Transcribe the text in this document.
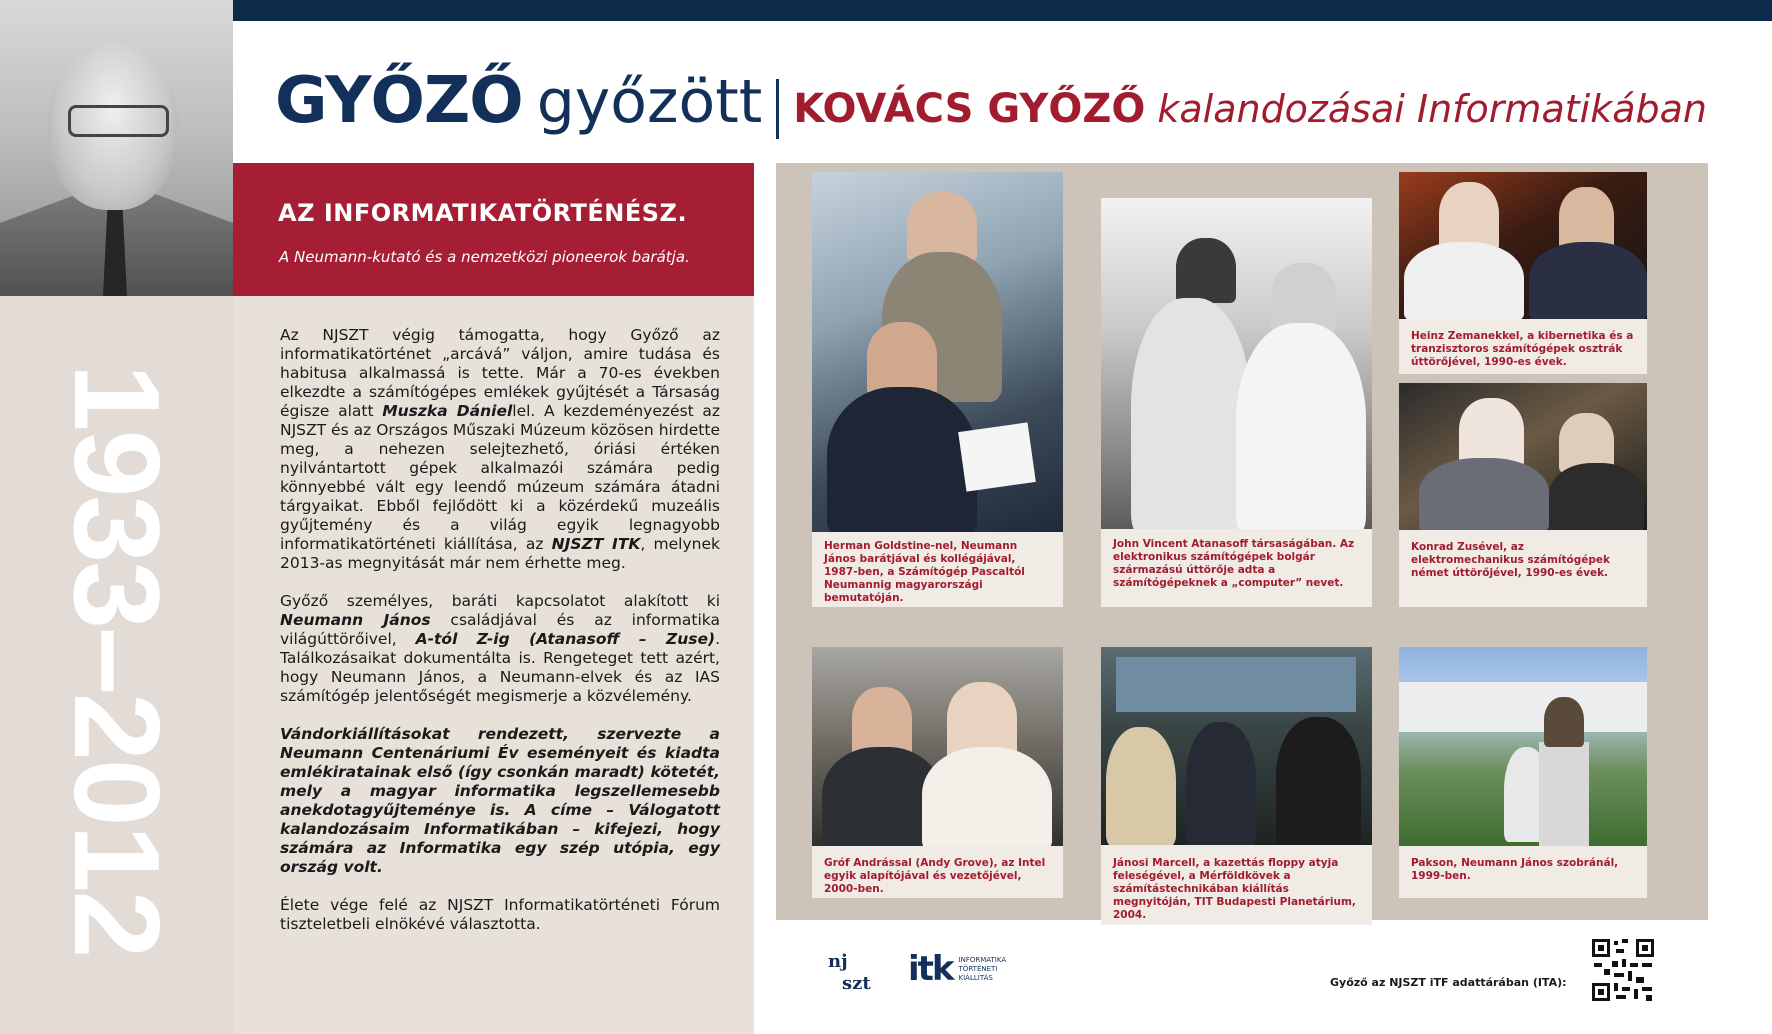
1933–2012
GYŐZŐ győzött KOVÁCS GYŐZŐ kalandozásai Informatikában
AZ INFORMATIKATÖRTÉNÉSZ.
A Neumann-kutató és a nemzetközi pioneerok barátja.

Az NJSZT végig támogatta, hogy Győző az informatikatörténet „arcává” váljon, amire tudása és habitusa alkalmassá is tette. Már a 70-es években elkezdte a számítógépes emlékek gyűjtését a Társaság égisze alatt Muszka Dániellel. A kezdeményezést az NJSZT és az Országos Műszaki Múzeum közösen hirdette meg, a nehezen selejtezhető, óriási értéken nyilvántartott gépek alkalmazói számára pedig könnyebbé vált egy leendő múzeum számára átadni tárgyaikat. Ebből fejlődött ki a közérdekű muzeális gyűjtemény és a világ egyik legnagyobb informatikatörténeti kiállítása, az NJSZT ITK, melynek 2013-as megnyitását már nem érhette meg.

Győző személyes, baráti kapcsolatot alakított ki Neumann János családjával és az informatika világúttörőivel, A-tól Z-ig (Atanasoff – Zuse). Találkozásaikat dokumentálta is. Rengeteget tett azért, hogy Neumann János, a Neumann-elvek és az IAS számítógép jelentőségét megismerje a közvélemény.

Vándorkiállításokat rendezett, szervezte a Neumann Centenáriumi Év eseményeit és kiadta emlékiratainak első (így csonkán maradt) kötetét, mely a magyar informatika legszellemesebb anekdotagyűjteménye is. A címe – Válogatott kalandozásaim Informatikában – kifejezi, hogy számára az Informatika egy szép utópia, egy ország volt.

Élete vége felé az NJSZT Informatikatörténeti Fórum tiszteletbeli elnökévé választotta.

Herman Goldstine-nel, Neumann János barátjával és kollégájával, 1987-ben, a Számítógép Pascaltól Neumannig magyarországi bemutatóján.
John Vincent Atanasoff társaságában. Az elektronikus számítógépek bolgár származású úttörője adta a számítógépeknek a „computer” nevet.
Heinz Zemanekkel, a kibernetika és a tranzisztoros számítógépek osztrák úttörőjével, 1990-es évek.
Konrad Zusével, az elektromechanikus számítógépek német úttörőjével, 1990-es évek.
Gróf Andrással (Andy Grove), az Intel egyik alapítójával és vezetőjével, 2000-ben.
Jánosi Marcell, a kazettás floppy atyja feleségével, a Mérföldkövek a számítástechnikában kiállítás megnyitóján, TIT Budapesti Planetárium, 2004.
Pakson, Neumann János szobránál, 1999-ben.
nj
szt itk INFORMATIKA
TÖRTÉNETI
KIÁLLÍTÁS	Győző az NJSZT iTF adattárában (ITA):
